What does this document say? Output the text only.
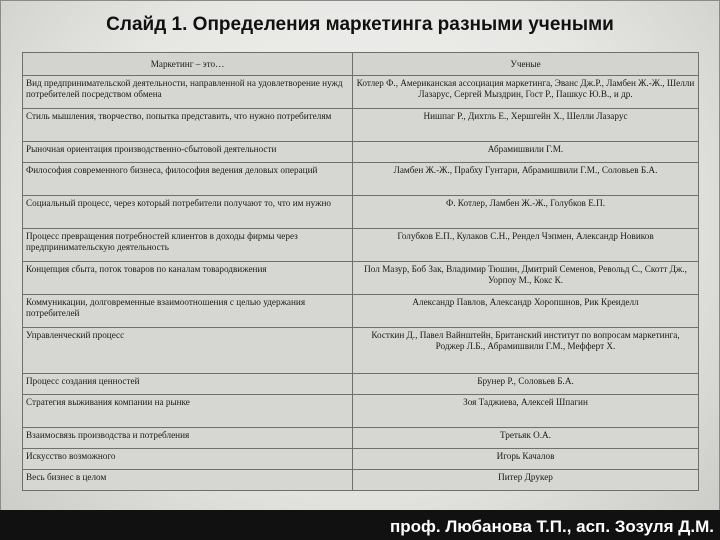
Слайд 1. Определения маркетинга разными учеными
Маркетинг – это…	Ученые
Вид предпринимательской деятельности, направленной на удовлетворение нужд потребителей посредством обмена	Котлер Ф., Американская ассоциация маркетинга, Эванс Дж.Р., Ламбен Ж.-Ж., Шелли Лазарус, Сергей Мыздрин, Гост Р., Пашкус Ю.В., и др.
Стиль мышления, творчество, попытка представить, что нужно потребителям	Нишпаг Р., Дихтль Е., Хершгейн Х., Шелли Лазарус
Рыночная ориентация производственно-сбытовой деятельности	Абрамишвили Г.М.
Философия современного бизнеса, философия ведения деловых операций	Ламбен Ж.-Ж., Прабху Гунтари, Абрамишвили Г.М., Соловьев Б.А.
Социальный процесс, через который потребители получают то, что им нужно	Ф. Котлер, Ламбен Ж.-Ж., Голубков Е.П.
Процесс превращения потребностей клиентов в доходы фирмы через предпринимательскую деятельность	Голубков Е.П., Кулаков С.Н., Рендел Чэпмен, Александр Новиков
Концепция сбыта, поток товаров по каналам товародвижения	Пол Мазур, Боб Зак, Владимир Тюшин, Дмитрий Семенов, Револьд С., Скотт Дж., Уорпоу М., Кокс К.
Коммуникации, долговременные взаимоотношения с целью удержания потребителей	Александр Павлов, Александр Хоропшнов, Рик Креиделл
Управленческий процесс	Косткин Д., Павел Вайнштейн, Британский институт по вопросам маркетинга, Роджер Л.Б., Абрамишвили Г.М., Мефферт Х.
Процесс создания ценностей	Брунер Р., Соловьев Б.А.
Стратегия выживания компании на рынке	Зоя Таджиева, Алексей Шпагин
Взаимосвязь производства и потребления	Третьяк О.А.
Искусство возможного	Игорь Качалов
Весь бизнес в целом	Питер Друкер
проф. Любанова Т.П., асп. Зозуля Д.М.
